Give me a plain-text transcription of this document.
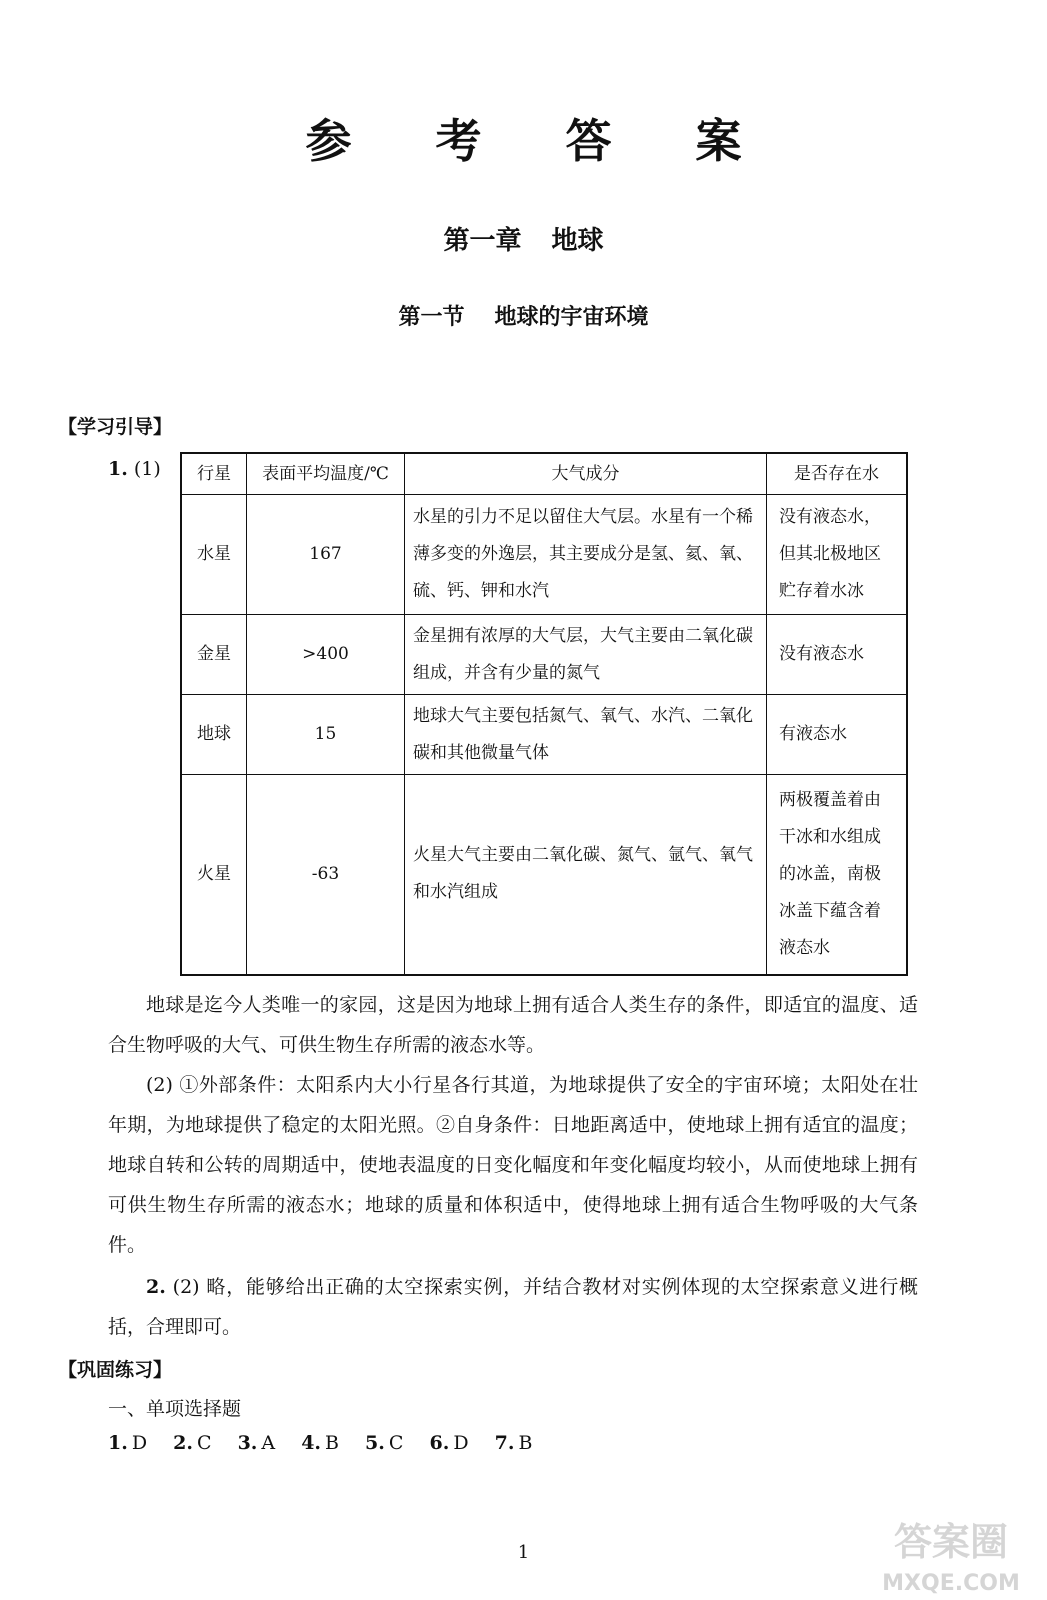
参 考 答 案
第一章 地球
第一节 地球的宇宙环境
【学习引导】
1. (1) 行星	表面平均温度/℃	大气成分	是否存在水
水星	167	水星的引力不足以留住大气层。水星有一个稀薄多变的外逸层，其主要成分是氢、氦、氧、硫、钙、钾和水汽	没有液态水，但其北极地区贮存着水冰
金星	>400	金星拥有浓厚的大气层，大气主要由二氧化碳组成，并含有少量的氮气	没有液态水
地球	15	地球大气主要包括氮气、氧气、水汽、二氧化碳和其他微量气体	有液态水
火星	-63	火星大气主要由二氧化碳、氮气、氩气、氧气和水汽组成	两极覆盖着由干冰和水组成的冰盖，南极冰盖下蕴含着液态水
地球是迄今人类唯一的家园，这是因为地球上拥有适合人类生存的条件，即适宜的温度、适合生物呼吸的大气、可供生物生存所需的液态水等。
(2) ①外部条件：太阳系内大小行星各行其道，为地球提供了安全的宇宙环境；太阳处在壮年期，为地球提供了稳定的太阳光照。②自身条件：日地距离适中，使地球上拥有适宜的温度；地球自转和公转的周期适中，使地表温度的日变化幅度和年变化幅度均较小，从而使地球上拥有可供生物生存所需的液态水；地球的质量和体积适中，使得地球上拥有适合生物呼吸的大气条件。
2. (2) 略，能够给出正确的太空探索实例，并结合教材对实例体现的太空探索意义进行概括，合理即可。
【巩固练习】
一、单项选择题
1. D 2. C 3. A 4. B 5. C 6. D 7. B
1	答案圈
MXQE.COM
